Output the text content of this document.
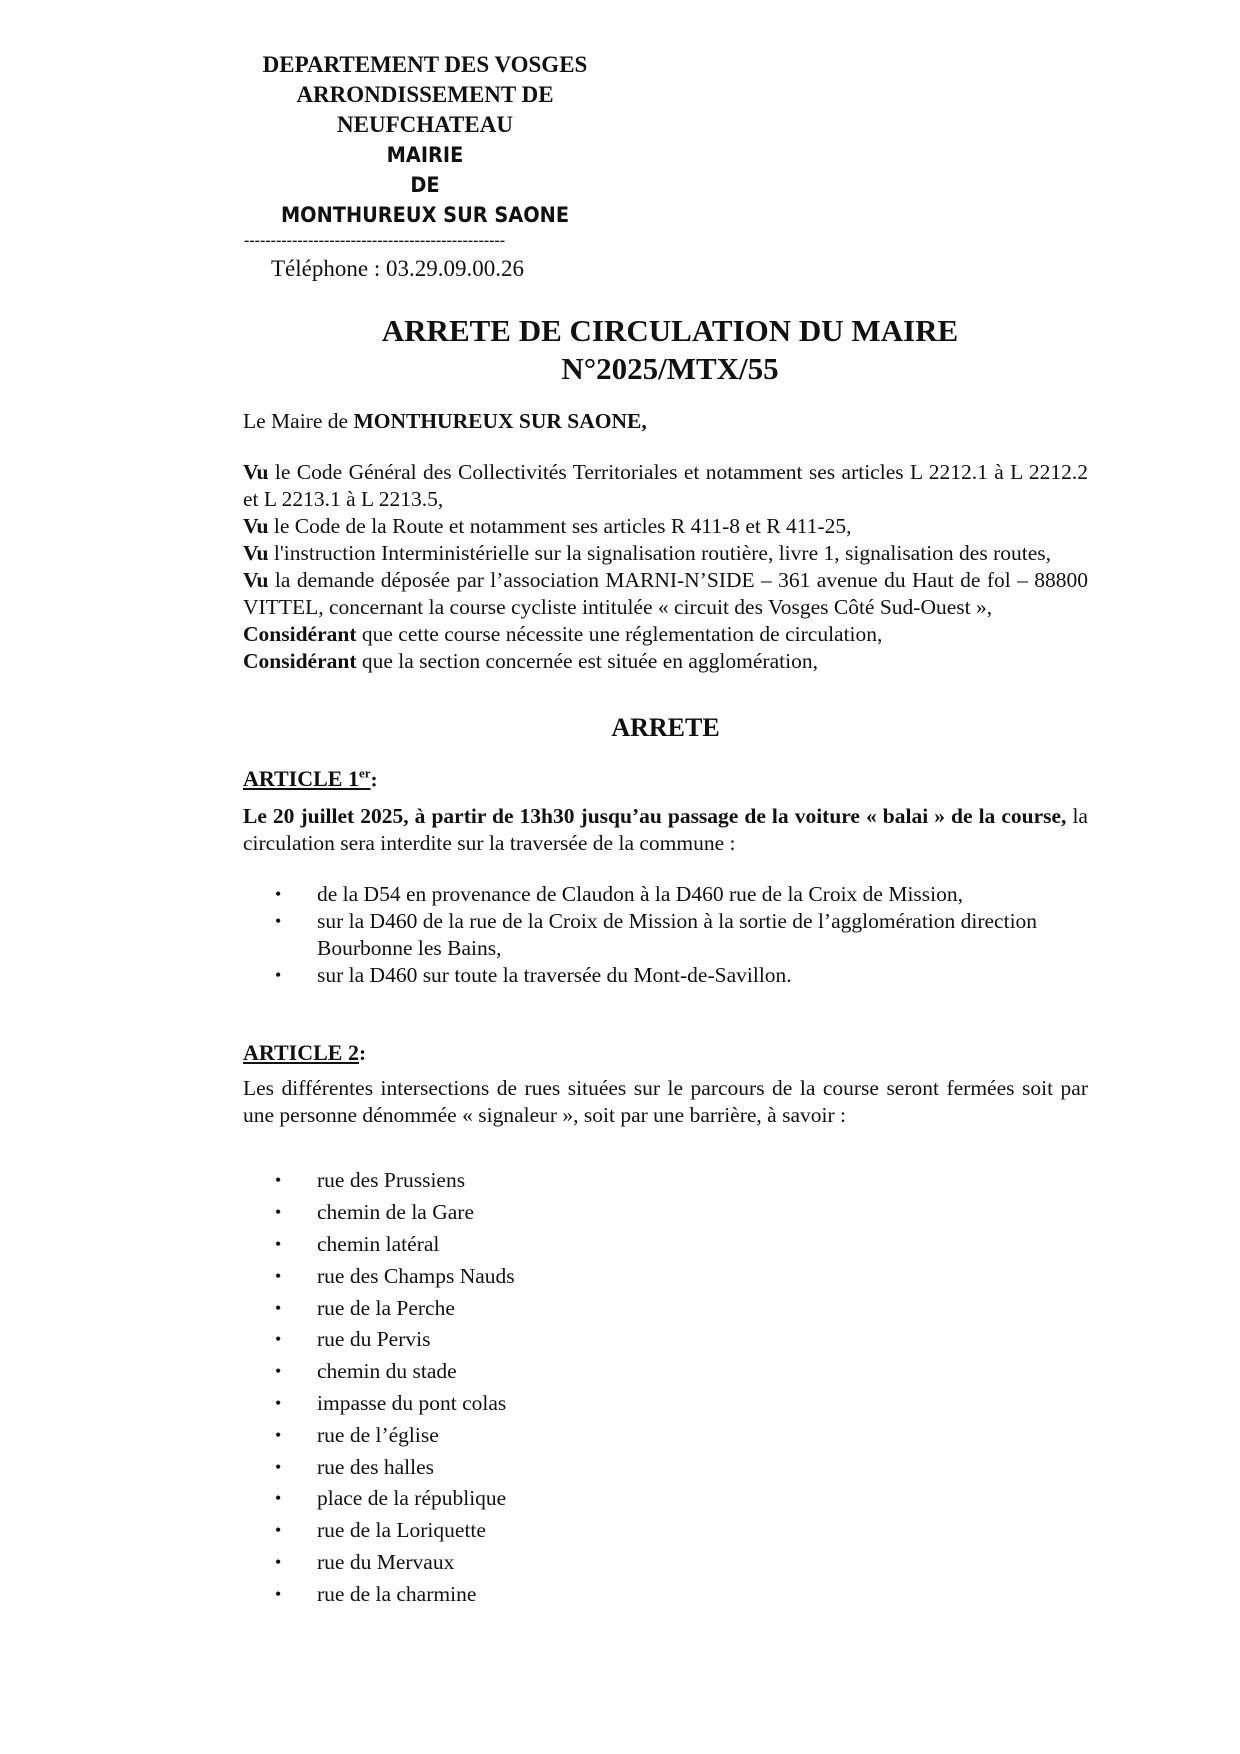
DEPARTEMENT DES VOSGES
ARRONDISSEMENT DE
NEUFCHATEAU
MAIRIE
DE
MONTHUREUX SUR SAONE
-------------------------------------------------
Téléphone : 03.29.09.00.26
ARRETE DE CIRCULATION DU MAIRE
N°2025/MTX/55

Le Maire de MONTHUREUX SUR SAONE,

Vu le Code Général des Collectivités Territoriales et notamment ses articles L 2212.1 à L 2212.2 et L 2213.1 à L 2213.5,

Vu le Code de la Route et notamment ses articles R 411-8 et R 411-25,

Vu l'instruction Interministérielle sur la signalisation routière, livre 1, signalisation des routes,

Vu la demande déposée par l’association MARNI-N’SIDE – 361 avenue du Haut de fol – 88800 VITTEL, concernant la course cycliste intitulée « circuit des Vosges Côté Sud-Ouest »,

Considérant que cette course nécessite une réglementation de circulation,

Considérant que la section concernée est située en agglomération,

ARRETE

ARTICLE 1er:

Le 20 juillet 2025, à partir de 13h30 jusqu’au passage de la voiture « balai » de la course, la circulation sera interdite sur la traversée de la commune :

• de la D54 en provenance de Claudon à la D460 rue de la Croix de Mission,
• sur la D460 de la rue de la Croix de Mission à la sortie de l’agglomération direction Bourbonne les Bains,
• sur la D460 sur toute la traversée du Mont-de-Savillon.

ARTICLE 2:

Les différentes intersections de rues situées sur le parcours de la course seront fermées soit par une personne dénommée « signaleur », soit par une barrière, à savoir :

• rue des Prussiens
• chemin de la Gare
• chemin latéral
• rue des Champs Nauds
• rue de la Perche
• rue du Pervis
• chemin du stade
• impasse du pont colas
• rue de l’église
• rue des halles
• place de la république
• rue de la Loriquette
• rue du Mervaux
• rue de la charmine
